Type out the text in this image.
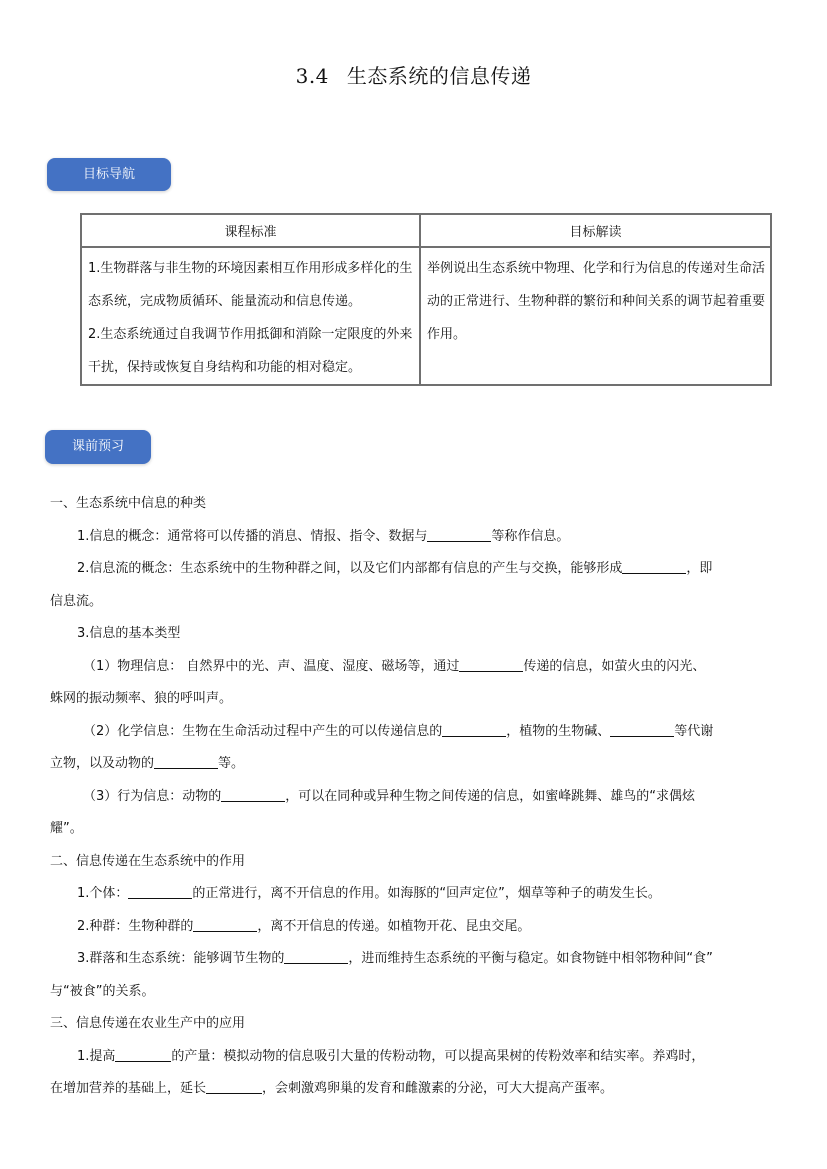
3.4 生态系统的信息传递
目标导航
课程标准	目标解读

1.生物群落与非生物的环境因素相互作用形成多样化的生态系统，完成物质循环、能量流动和信息传递。

2.生态系统通过自我调节作用抵御和消除一定限度的外来干扰，保持或恢复自身结构和功能的相对稳定。	举例说出生态系统中物理、化学和行为信息的传递对生命活动的正常进行、生物种群的繁衍和种间关系的调节起着重要作用。

课前预习
一、生态系统中信息的种类
1.信息的概念：通常将可以传播的消息、情报、指令、数据与	等称作信息。
2.信息流的概念：生态系统中的生物种群之间，以及它们内部都有信息的产生与交换，能够形成	，即
信息流。
3.信息的基本类型
（1）物理信息： 自然界中的光、声、温度、湿度、磁场等，通过	传递的信息，如萤火虫的闪光、
蛛网的振动频率、狼的呼叫声。
（2）化学信息：生物在生命活动过程中产生的可以传递信息的	，植物的生物碱、	等代谢
立物，以及动物的	等。
（3）行为信息：动物的	，可以在同种或异种生物之间传递的信息，如蜜峰跳舞、雄鸟的“求偶炫
耀”。
二、信息传递在生态系统中的作用
1.个体：	的正常进行，离不开信息的作用。如海豚的“回声定位”，烟草等种子的萌发生长。
2.种群：生物种群的	，离不开信息的传递。如植物开花、昆虫交尾。
3.群落和生态系统：能够调节生物的	，进而维持生态系统的平衡与稳定。如食物链中相邻物种间“食”
与“被食”的关系。
三、信息传递在农业生产中的应用
1.提高	的产量：模拟动物的信息吸引大量的传粉动物，可以提高果树的传粉效率和结实率。养鸡时，
在增加营养的基础上，延长	，会刺激鸡卵巢的发育和雌激素的分泌，可大大提高产蛋率。
